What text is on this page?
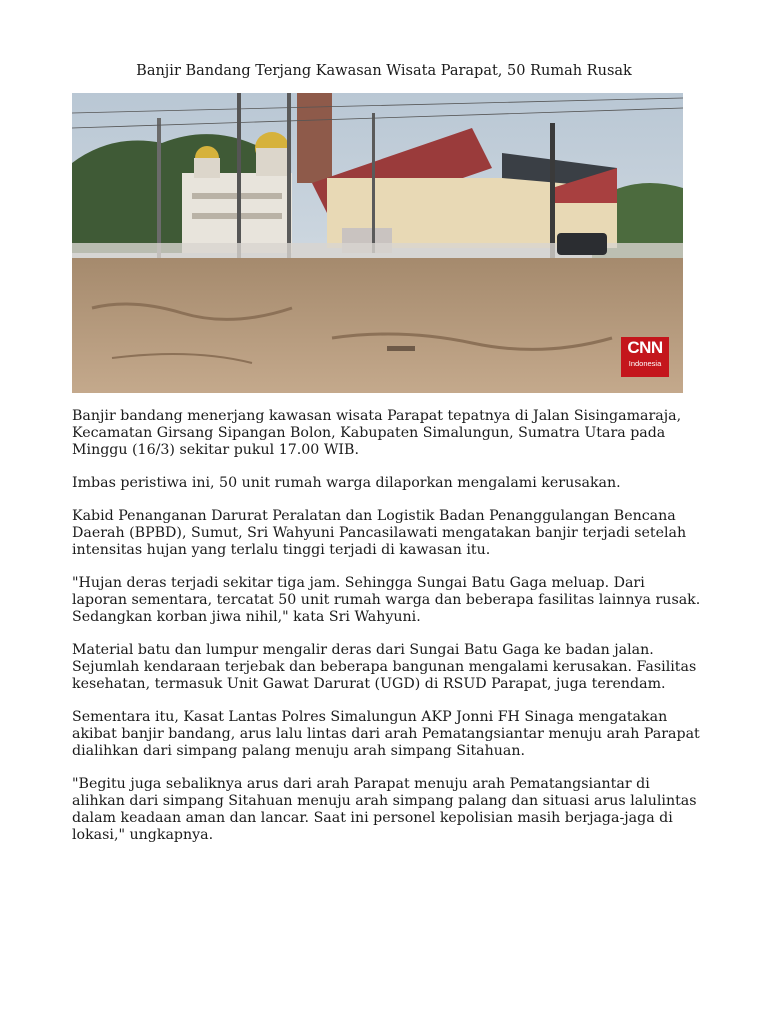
Banjir Bandang Terjang Kawasan Wisata Parapat, 50 Rumah Rusak
CNN
Indonesia

Banjir bandang menerjang kawasan wisata Parapat tepatnya di Jalan Sisingamaraja, Kecamatan Girsang Sipangan Bolon, Kabupaten Simalungun, Sumatra Utara pada Minggu (16/3) sekitar pukul 17.00 WIB.

Imbas peristiwa ini, 50 unit rumah warga dilaporkan mengalami kerusakan.

Kabid Penanganan Darurat Peralatan dan Logistik Badan Penanggulangan Bencana Daerah (BPBD), Sumut, Sri Wahyuni Pancasilawati mengatakan banjir terjadi setelah intensitas hujan yang terlalu tinggi terjadi di kawasan itu.

"Hujan deras terjadi sekitar tiga jam. Sehingga Sungai Batu Gaga meluap. Dari laporan sementara, tercatat 50 unit rumah warga dan beberapa fasilitas lainnya rusak. Sedangkan korban jiwa nihil," kata Sri Wahyuni.

Material batu dan lumpur mengalir deras dari Sungai Batu Gaga ke badan jalan. Sejumlah kendaraan terjebak dan beberapa bangunan mengalami kerusakan. Fasilitas kesehatan, termasuk Unit Gawat Darurat (UGD) di RSUD Parapat, juga terendam.

Sementara itu, Kasat Lantas Polres Simalungun AKP Jonni FH Sinaga mengatakan akibat banjir bandang, arus lalu lintas dari arah Pematangsiantar menuju arah Parapat dialihkan dari simpang palang menuju arah simpang Sitahuan.

"Begitu juga sebaliknya arus dari arah Parapat menuju arah Pematangsiantar di alihkan dari simpang Sitahuan menuju arah simpang palang dan situasi arus lalulintas dalam keadaan aman dan lancar. Saat ini personel kepolisian masih berjaga-jaga di lokasi," ungkapnya.
